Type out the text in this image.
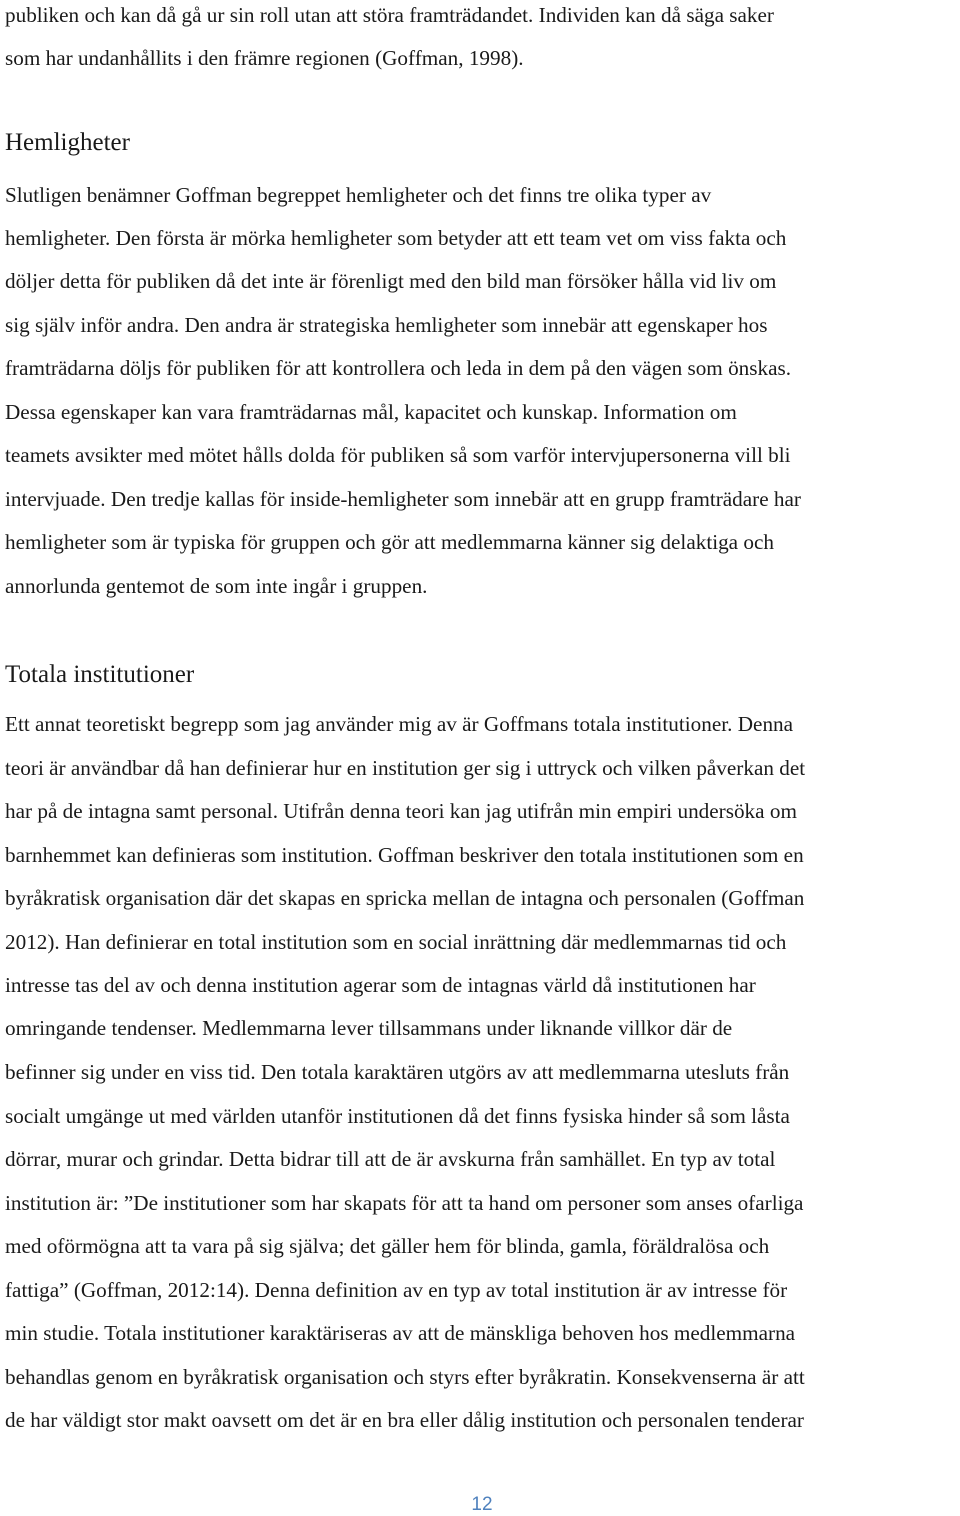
publiken och kan då gå ur sin roll utan att störa framträdandet. Individen kan då säga saker

som har undanhållits i den främre regionen (Goffman, 1998).

Hemligheter

Slutligen benämner Goffman begreppet hemligheter och det finns tre olika typer av

hemligheter. Den första är mörka hemligheter som betyder att ett team vet om viss fakta och

döljer detta för publiken då det inte är förenligt med den bild man försöker hålla vid liv om

sig själv inför andra. Den andra är strategiska hemligheter som innebär att egenskaper hos

framträdarna döljs för publiken för att kontrollera och leda in dem på den vägen som önskas.

Dessa egenskaper kan vara framträdarnas mål, kapacitet och kunskap. Information om

teamets avsikter med mötet hålls dolda för publiken så som varför intervjupersonerna vill bli

intervjuade. Den tredje kallas för inside-hemligheter som innebär att en grupp framträdare har

hemligheter som är typiska för gruppen och gör att medlemmarna känner sig delaktiga och

annorlunda gentemot de som inte ingår i gruppen.

Totala institutioner

Ett annat teoretiskt begrepp som jag använder mig av är Goffmans totala institutioner. Denna

teori är användbar då han definierar hur en institution ger sig i uttryck och vilken påverkan det

har på de intagna samt personal. Utifrån denna teori kan jag utifrån min empiri undersöka om

barnhemmet kan definieras som institution. Goffman beskriver den totala institutionen som en

byråkratisk organisation där det skapas en spricka mellan de intagna och personalen (Goffman

2012). Han definierar en total institution som en social inrättning där medlemmarnas tid och

intresse tas del av och denna institution agerar som de intagnas värld då institutionen har

omringande tendenser. Medlemmarna lever tillsammans under liknande villkor där de

befinner sig under en viss tid. Den totala karaktären utgörs av att medlemmarna utesluts från

socialt umgänge ut med världen utanför institutionen då det finns fysiska hinder så som låsta

dörrar, murar och grindar. Detta bidrar till att de är avskurna från samhället. En typ av total

institution är: ”De institutioner som har skapats för att ta hand om personer som anses ofarliga

med oförmögna att ta vara på sig själva; det gäller hem för blinda, gamla, föräldralösa och

fattiga” (Goffman, 2012:14). Denna definition av en typ av total institution är av intresse för

min studie. Totala institutioner karaktäriseras av att de mänskliga behoven hos medlemmarna

behandlas genom en byråkratisk organisation och styrs efter byråkratin. Konsekvenserna är att

de har väldigt stor makt oavsett om det är en bra eller dålig institution och personalen tenderar

12
